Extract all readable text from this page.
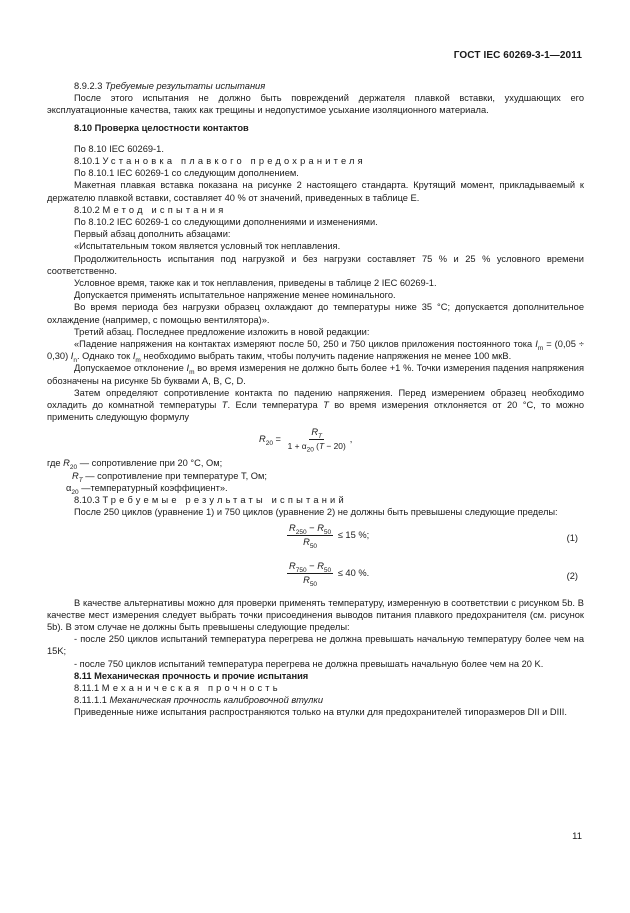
ГОСТ IEC 60269-3-1—2011

8.9.2.3 Требуемые результаты испытания

После этого испытания не должно быть повреждений держателя плавкой вставки, ухудшающих его эксплуатационные качества, таких как трещины и недопустимое усыхание изоляционного материала.

8.10 Проверка целостности контактов

По 8.10 IEC 60269-1.

8.10.1 Установка плавкого предохранителя

По 8.10.1 IEC 60269-1 со следующим дополнением.

Макетная плавкая вставка показана на рисунке 2 настоящего стандарта. Крутящий момент, прикладываемый к держателю плавкой вставки, составляет 40 % от значений, приведенных в таблице E.

8.10.2 Метод испытания

По 8.10.2 IEC 60269-1 со следующими дополнениями и изменениями.

Первый абзац дополнить абзацами:

«Испытательным током является условный ток неплавления.

Продолжительность испытания под нагрузкой и без нагрузки составляет 75 % и 25 % условного времени соответственно.

Условное время, также как и ток неплавления, приведены в таблице 2 IEC 60269-1.

Допускается применять испытательное напряжение менее номинального.

Во время периода без нагрузки образец охлаждают до температуры ниже 35 °C; допускается дополнительное охлаждение (например, с помощью вентилятора)».

Третий абзац. Последнее предложение изложить в новой редакции:

«Падение напряжения на контактах измеряют после 50, 250 и 750 циклов приложения постоянного тока $I_m = (0,05 \div 0,30)$ $I_n$. Однако ток $I_m$ необходимо выбрать таким, чтобы получить падение напряжения не менее 100 мкВ.

Допускаемое отклонение $I_m$ во время измерения не должно быть более +1 %. Точки измерения падения напряжения обозначены на рисунке 5b буквами A, B, C, D.

Затем определяют сопротивление контакта по падению напряжения. Перед измерением образец необходимо охладить до комнатной температуры T. Если температура T во время измерения отклоняется от 20 °C, то можно применить следующую формулу

$R_{20} = \frac{R_T}{1 + \alpha_{20} (T - 20)}$ ,

где $R_{20}$ — сопротивление при 20 °C, Ом;

$R_T$ — сопротивление при температуре T, Ом;

$\alpha_{20}$ —температурный коэффициент».

8.10.3 Требуемые результаты испытаний

После 250 циклов (уравнение 1) и 750 циклов (уравнение 2) не должны быть превышены следующие пределы:

$\frac{R_{250} - R_{50}}{R_{50}} \le 15$ %;	(1)
$\frac{R_{750} - R_{50}}{R_{50}} \le 40$ %.	(2)

В качестве альтернативы можно для проверки применять температуру, измеренную в соответствии с рисунком 5b. В качестве мест измерения следует выбрать точки присоединения выводов питания плавкого предохранителя (см. рисунок 5b). В этом случае не должны быть превышены следующие пределы:

- после 250 циклов испытаний температура перегрева не должна превышать начальную температуру более чем на 15K;

- после 750 циклов испытаний температура перегрева не должна превышать начальную более чем на 20 K.

8.11 Механическая прочность и прочие испытания

8.11.1 Механическая прочность

8.11.1.1 Механическая прочность калибровочной втулки

Приведенные ниже испытания распространяются только на втулки для предохранителей типоразмеров DII и DIII.

11
